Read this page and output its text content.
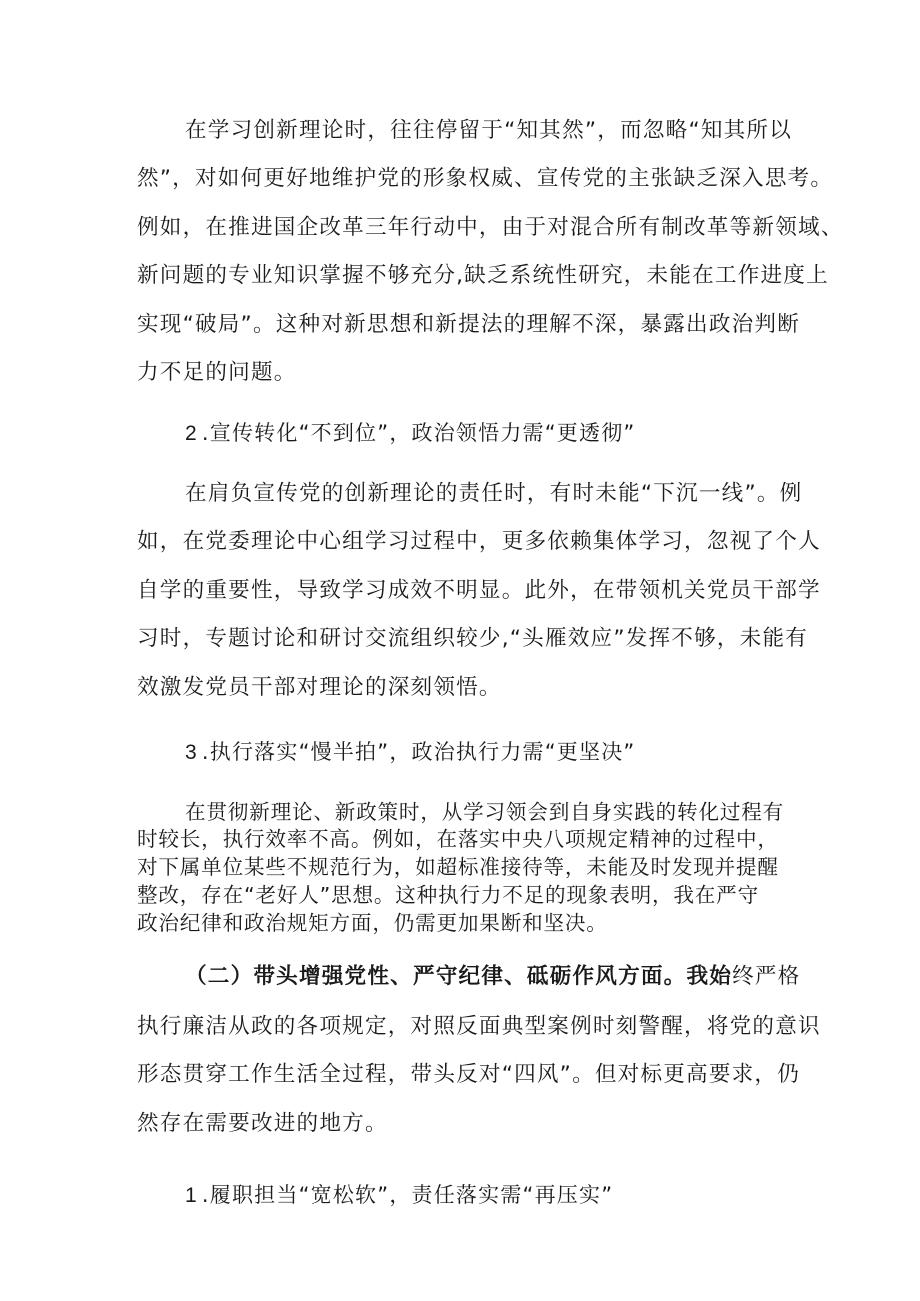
在学习创新理论时，往往停留于“知其然”，而忽略“知其所以
然”，对如何更好地维护党的形象权威、宣传党的主张缺乏深入思考。
例如，在推进国企改革三年行动中，由于对混合所有制改革等新领域、
新问题的专业知识掌握不够充分,缺乏系统性研究，未能在工作进度上
实现“破局”。这种对新思想和新提法的理解不深，暴露出政治判断
力不足的问题。
2 .宣传转化“不到位”，政治领悟力需“更透彻”
在肩负宣传党的创新理论的责任时，有时未能“下沉一线”。例
如，在党委理论中心组学习过程中，更多依赖集体学习，忽视了个人
自学的重要性，导致学习成效不明显。此外，在带领机关党员干部学
习时，专题讨论和研讨交流组织较少,“头雁效应”发挥不够，未能有
效激发党员干部对理论的深刻领悟。
3 .执行落实“慢半拍”，政治执行力需“更坚决”
在贯彻新理论、新政策时，从学习领会到自身实践的转化过程有
时较长，执行效率不高。例如，在落实中央八项规定精神的过程中，
对下属单位某些不规范行为，如超标准接待等，未能及时发现并提醒
整改，存在“老好人”思想。这种执行力不足的现象表明，我在严守
政治纪律和政治规矩方面，仍需更加果断和坚决。
（二）带头增强党性、严守纪律、砥砺作风方面。我始终严格
执行廉洁从政的各项规定，对照反面典型案例时刻警醒，将党的意识
形态贯穿工作生活全过程，带头反对“四风”。但对标更高要求，仍
然存在需要改进的地方。
1 .履职担当“宽松软”，责任落实需“再压实”
